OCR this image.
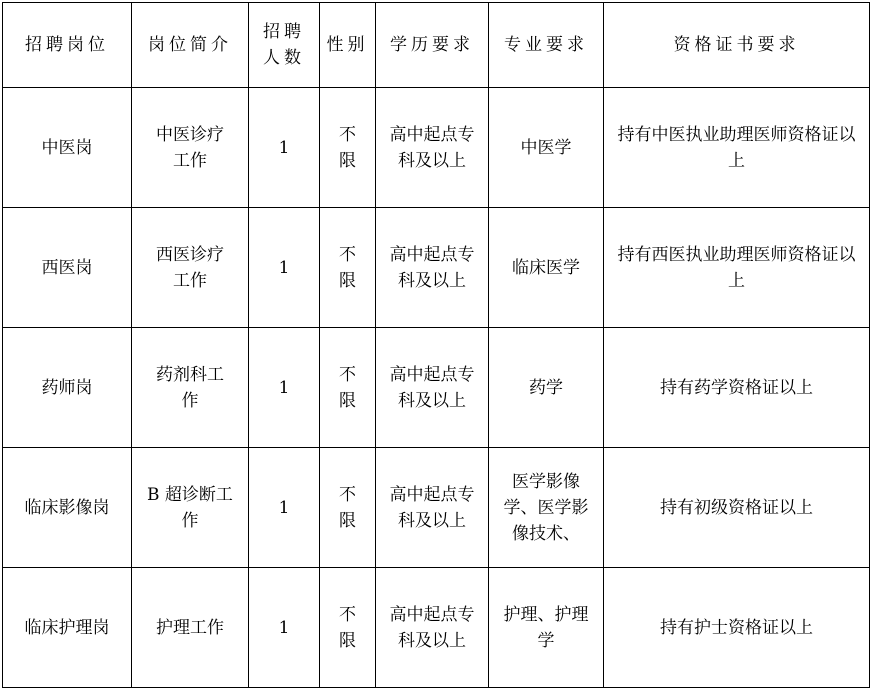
招聘岗位	岗位简介	招聘人数	性别	学历要求	专业要求	资格证书要求
中医岗	中医诊疗工作	1	不限	高中起点专科及以上	中医学	持有中医执业助理医师资格证以上
西医岗	西医诊疗工作	1	不限	高中起点专科及以上	临床医学	持有西医执业助理医师资格证以上
药师岗	药剂科工作	1	不限	高中起点专科及以上	药学	持有药学资格证以上
临床影像岗	B 超诊断工作	1	不限	高中起点专科及以上	医学影像学、医学影像技术、	持有初级资格证以上
临床护理岗	护理工作	1	不限	高中起点专科及以上	护理、护理学	持有护士资格证以上
